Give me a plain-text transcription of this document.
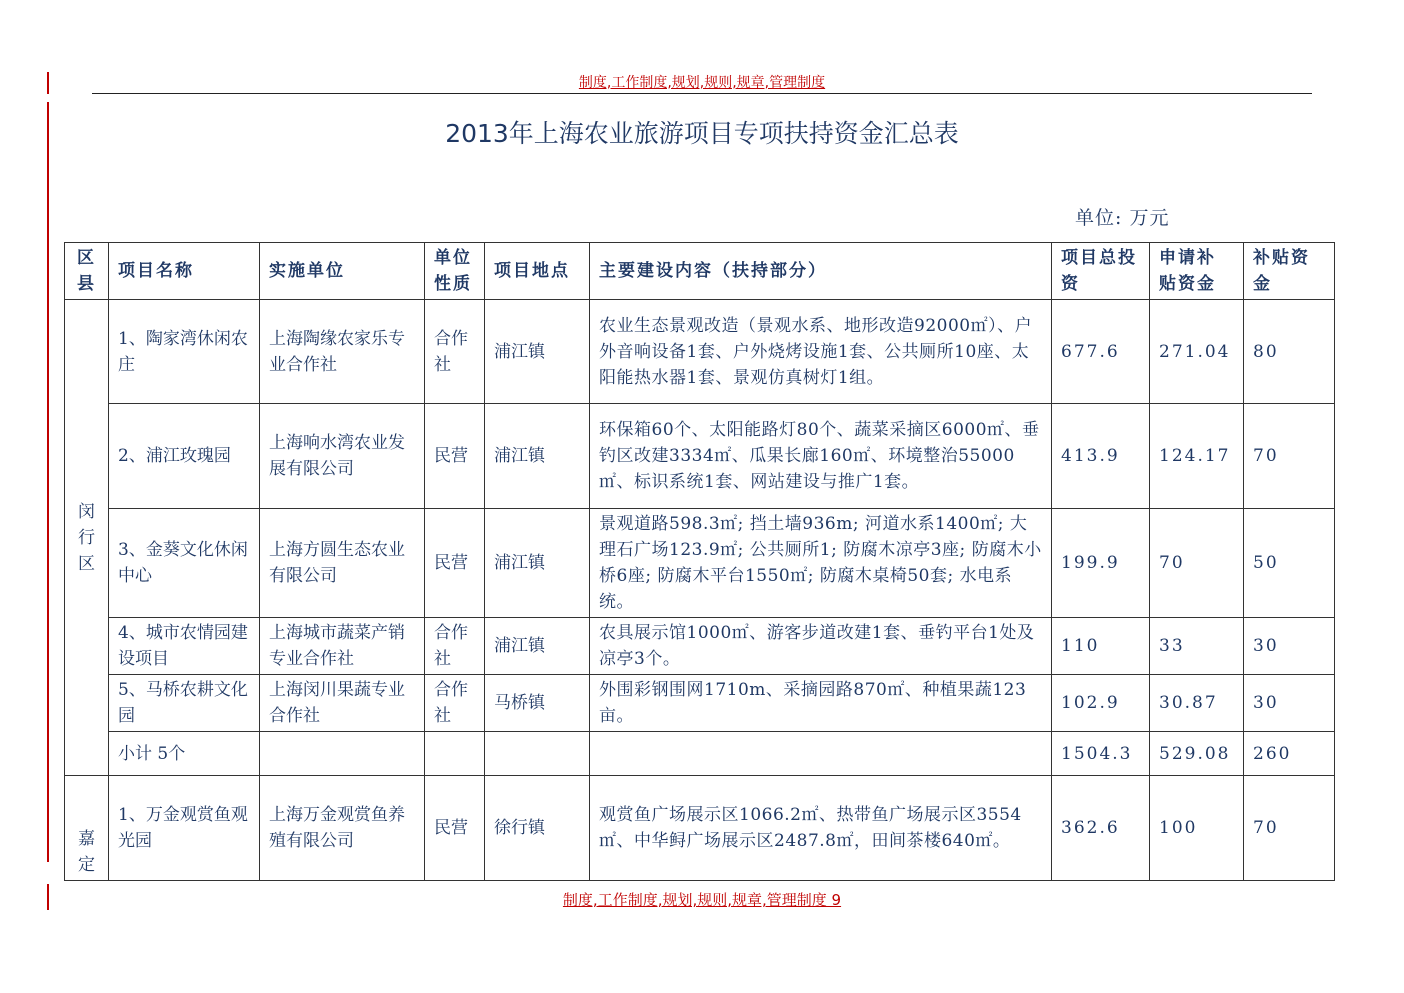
制度,工作制度,规划,规则,规章,管理制度
2013年上海农业旅游项目专项扶持资金汇总表
单位: 万元
区县	项目名称	实施单位	单位性质	项目地点	主要建设内容（扶持部分）	项目总投资	申请补贴资金	补贴资金
闵行区	1、陶家湾休闲农庄	上海陶缘农家乐专业合作社	合作社	浦江镇	农业生态景观改造（景观水系、地形改造92000㎡）、户外音响设备1套、户外烧烤设施1套、公共厕所10座、太阳能热水器1套、景观仿真树灯1组。	677.6	271.04	80
	2、浦江玫瑰园	上海响水湾农业发展有限公司	民营	浦江镇	环保箱60个、太阳能路灯80个、蔬菜采摘区6000㎡、垂钓区改建3334㎡、瓜果长廊160㎡、环境整治55000㎡、标识系统1套、网站建设与推广1套。	413.9	124.17	70
	3、金葵文化休闲中心	上海方圆生态农业有限公司	民营	浦江镇	景观道路598.3㎡; 挡土墙936m; 河道水系1400㎡; 大理石广场123.9㎡; 公共厕所1; 防腐木凉亭3座; 防腐木小桥6座; 防腐木平台1550㎡; 防腐木桌椅50套; 水电系统。	199.9	70	50
	4、城市农情园建设项目	上海城市蔬菜产销专业合作社	合作社	浦江镇	农具展示馆1000㎡、游客步道改建1套、垂钓平台1处及凉亭3个。	110	33	30
	5、马桥农耕文化园	上海闵川果蔬专业合作社	合作社	马桥镇	外围彩钢围网1710m、采摘园路870㎡、种植果蔬123亩。	102.9	30.87	30
	小计 5个					1504.3	529.08	260
嘉定	1、万金观赏鱼观光园	上海万金观赏鱼养殖有限公司	民营	徐行镇	观赏鱼广场展示区1066.2㎡、热带鱼广场展示区3554㎡、中华鲟广场展示区2487.8㎡，田间茶楼640㎡。	362.6	100	70
制度,工作制度,规划,规则,规章,管理制度 9
